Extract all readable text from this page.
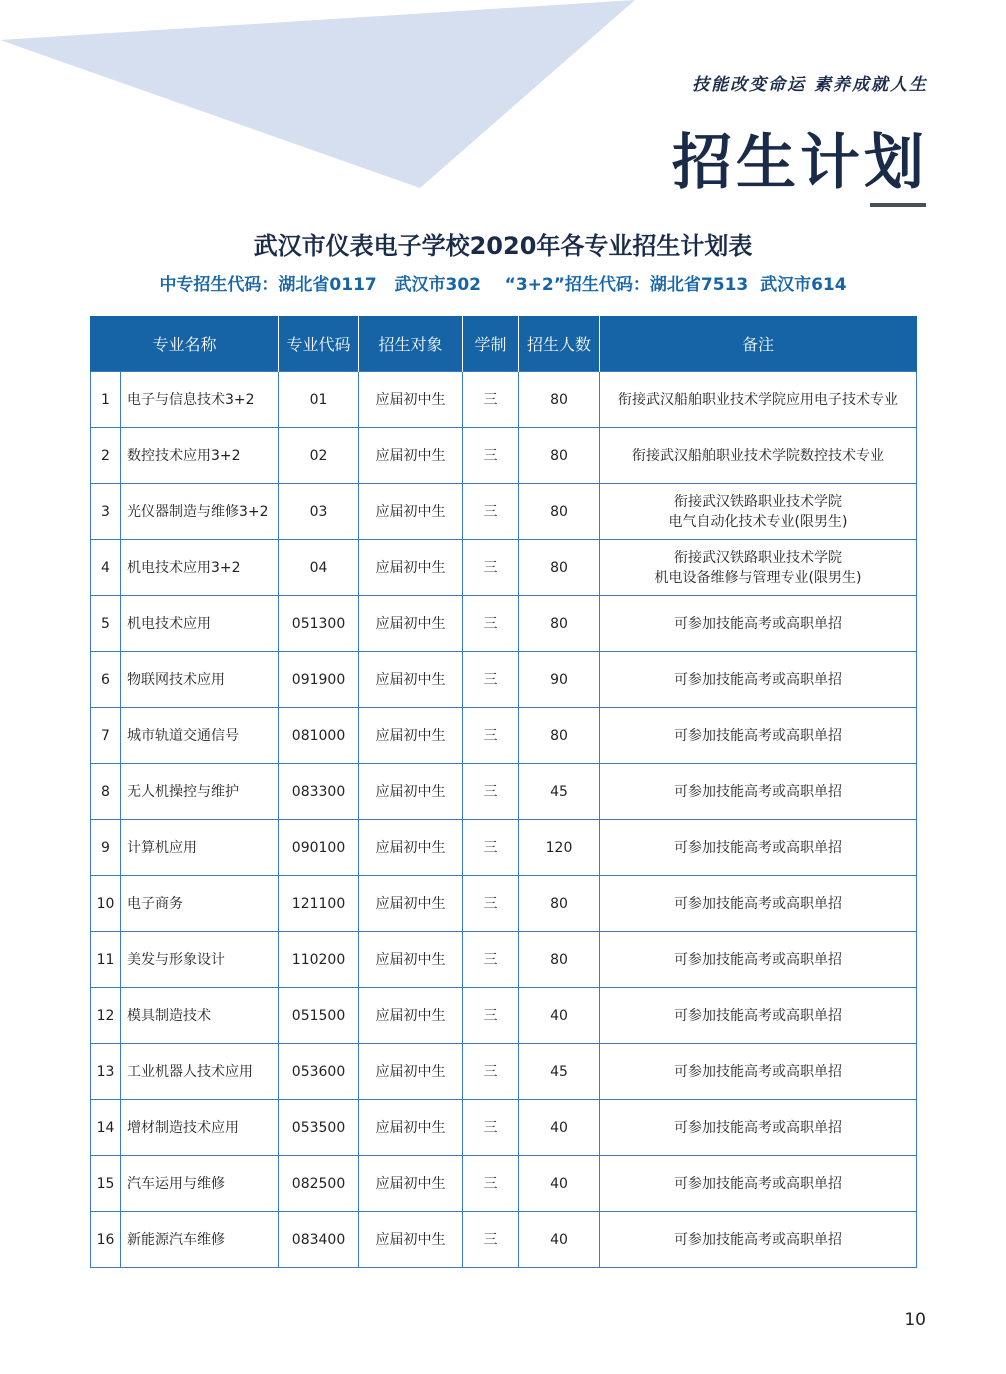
技能改变命运 素养成就人生
招生计划
武汉市仪表电子学校2020年各专业招生计划表
中专招生代码：湖北省0117   武汉市302    “3+2”招生代码：湖北省7513  武汉市614
专业名称		专业代码	招生对象	学制	招生人数	备注
1	电子与信息技术3+2	01	应届初中生	三	80	衔接武汉船舶职业技术学院应用电子技术专业

2	数控技术应用3+2	02	应届初中生	三	80	衔接武汉船舶职业技术学院数控技术专业

3	光仪器制造与维修3+2	03	应届初中生	三	80	衔接武汉铁路职业技术学院
电气自动化技术专业(限男生)

4	机电技术应用3+2	04	应届初中生	三	80	衔接武汉铁路职业技术学院
机电设备维修与管理专业(限男生)

5	机电技术应用	051300	应届初中生	三	80	可参加技能高考或高职单招

6	物联网技术应用	091900	应届初中生	三	90	可参加技能高考或高职单招

7	城市轨道交通信号	081000	应届初中生	三	80	可参加技能高考或高职单招

8	无人机操控与维护	083300	应届初中生	三	45	可参加技能高考或高职单招

9	计算机应用	090100	应届初中生	三	120	可参加技能高考或高职单招

10	电子商务	121100	应届初中生	三	80	可参加技能高考或高职单招

11	美发与形象设计	110200	应届初中生	三	80	可参加技能高考或高职单招

12	模具制造技术	051500	应届初中生	三	40	可参加技能高考或高职单招

13	工业机器人技术应用	053600	应届初中生	三	45	可参加技能高考或高职单招

14	增材制造技术应用	053500	应届初中生	三	40	可参加技能高考或高职单招

15	汽车运用与维修	082500	应届初中生	三	40	可参加技能高考或高职单招

16	新能源汽车维修	083400	应届初中生	三	40	可参加技能高考或高职单招
10
